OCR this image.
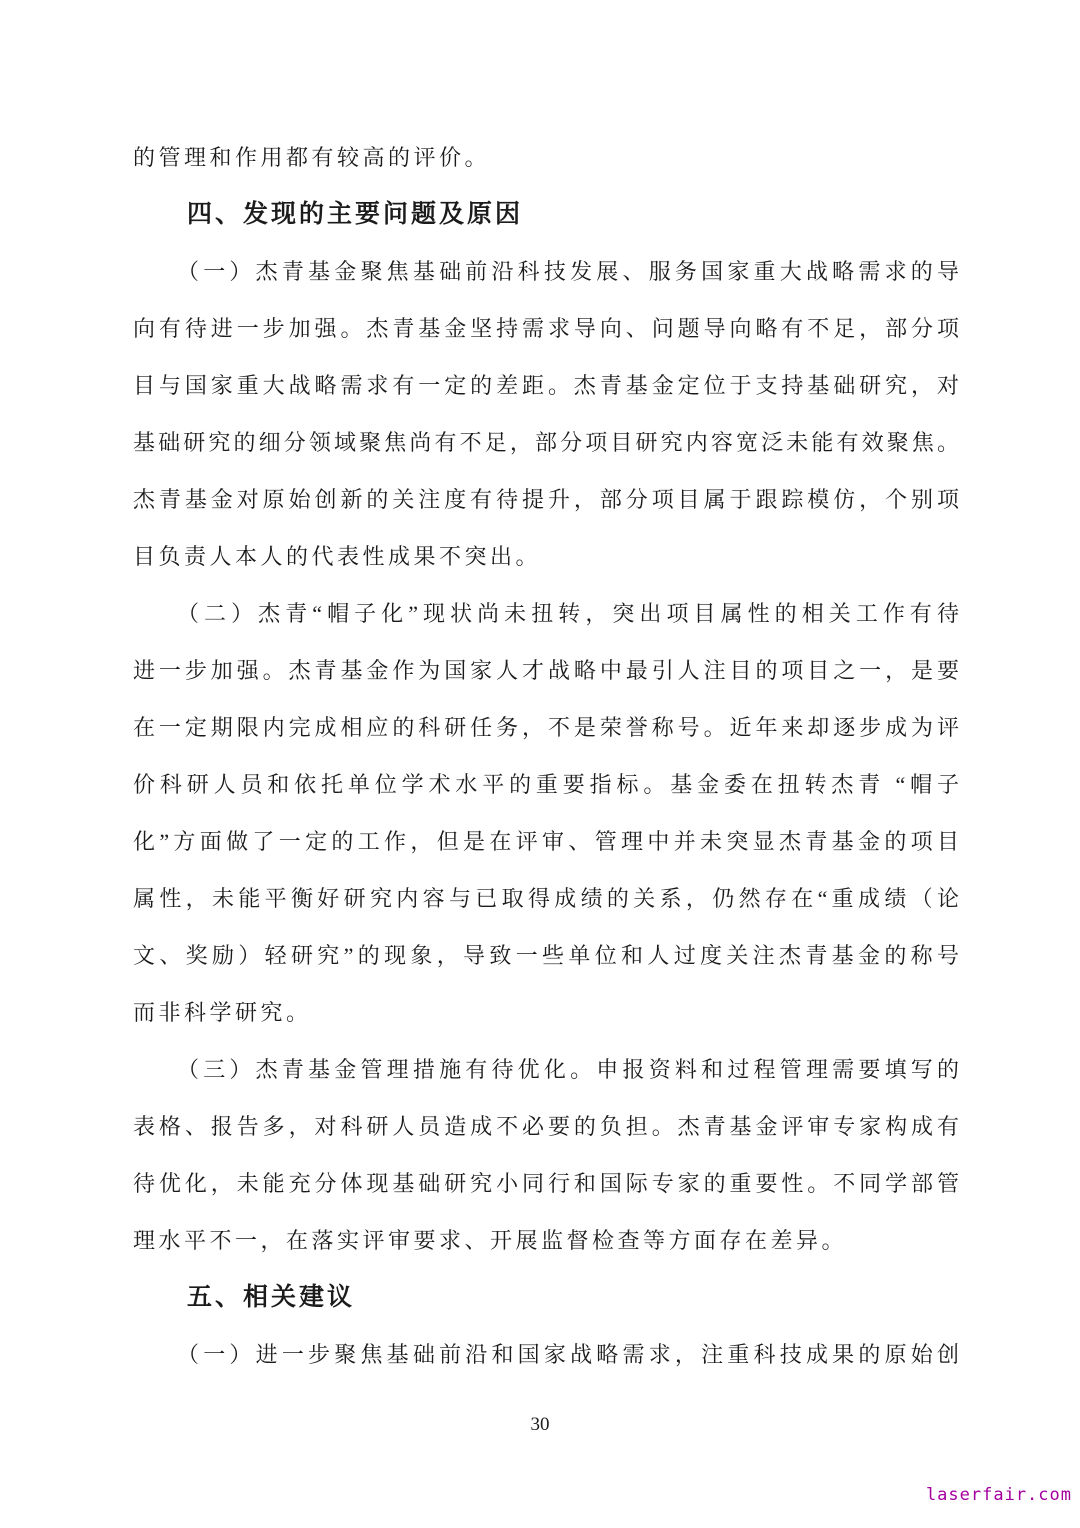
的管理和作用都有较高的评价。
四、发现的主要问题及原因
（一）杰青基金聚焦基础前沿科技发展、服务国家重大战略需求的导
向有待进一步加强。杰青基金坚持需求导向、问题导向略有不足，部分项
目与国家重大战略需求有一定的差距。杰青基金定位于支持基础研究，对
基础研究的细分领域聚焦尚有不足，部分项目研究内容宽泛未能有效聚焦。
杰青基金对原始创新的关注度有待提升，部分项目属于跟踪模仿，个别项
目负责人本人的代表性成果不突出。
（二）杰青“帽子化”现状尚未扭转，突出项目属性的相关工作有待
进一步加强。杰青基金作为国家人才战略中最引人注目的项目之一，是要
在一定期限内完成相应的科研任务，不是荣誉称号。近年来却逐步成为评
价科研人员和依托单位学术水平的重要指标。基金委在扭转杰青 “帽子
化”方面做了一定的工作，但是在评审、管理中并未突显杰青基金的项目
属性，未能平衡好研究内容与已取得成绩的关系，仍然存在“重成绩（论
文、奖励）轻研究”的现象，导致一些单位和人过度关注杰青基金的称号
而非科学研究。
（三）杰青基金管理措施有待优化。申报资料和过程管理需要填写的
表格、报告多，对科研人员造成不必要的负担。杰青基金评审专家构成有
待优化，未能充分体现基础研究小同行和国际专家的重要性。不同学部管
理水平不一，在落实评审要求、开展监督检查等方面存在差异。
五、相关建议
（一）进一步聚焦基础前沿和国家战略需求，注重科技成果的原始创
30
laserfair.com
